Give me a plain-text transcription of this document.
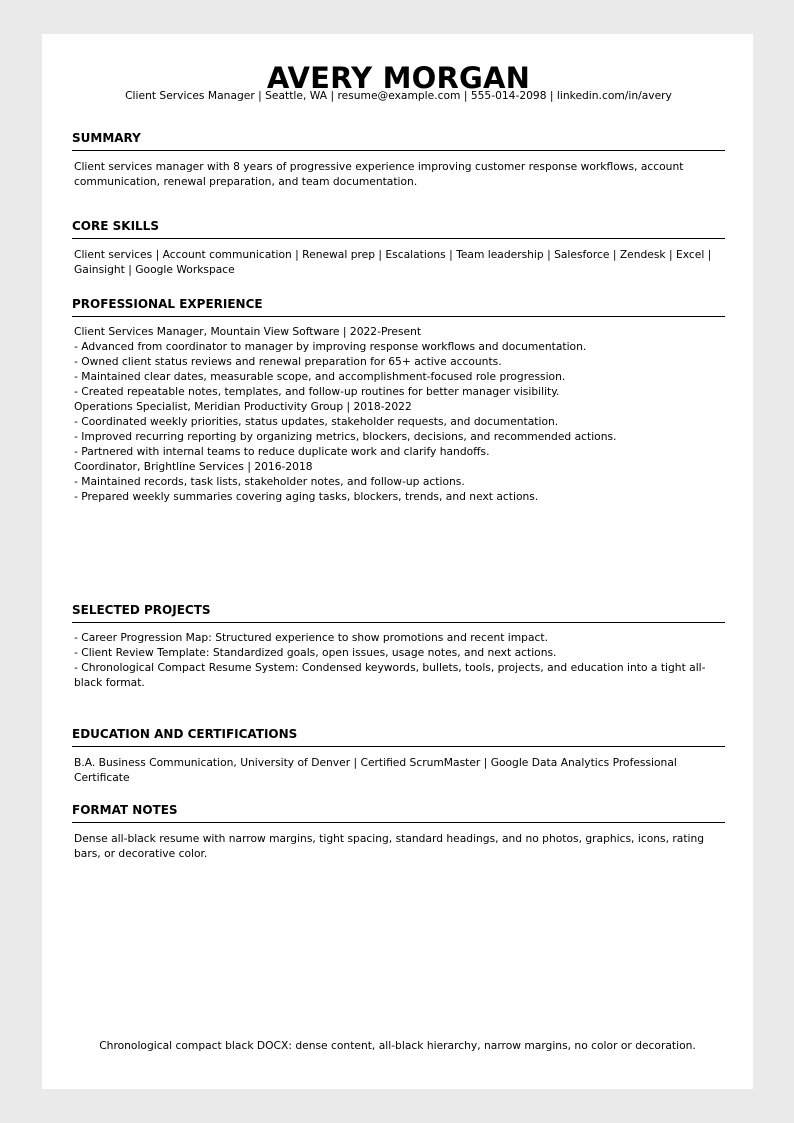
AVERY MORGAN
Client Services Manager | Seattle, WA | resume@example.com | 555-014-2098 | linkedin.com/in/avery
SUMMARY
Client services manager with 8 years of progressive experience improving customer response workflows, account communication, renewal preparation, and team documentation.
CORE SKILLS
Client services | Account communication | Renewal prep | Escalations | Team leadership | Salesforce | Zendesk | Excel | Gainsight | Google Workspace
PROFESSIONAL EXPERIENCE
Client Services Manager, Mountain View Software | 2022-Present
- Advanced from coordinator to manager by improving response workflows and documentation.
- Owned client status reviews and renewal preparation for 65+ active accounts.
- Maintained clear dates, measurable scope, and accomplishment-focused role progression.
- Created repeatable notes, templates, and follow-up routines for better manager visibility.
Operations Specialist, Meridian Productivity Group | 2018-2022
- Coordinated weekly priorities, status updates, stakeholder requests, and documentation.
- Improved recurring reporting by organizing metrics, blockers, decisions, and recommended actions.
- Partnered with internal teams to reduce duplicate work and clarify handoffs.
Coordinator, Brightline Services | 2016-2018
- Maintained records, task lists, stakeholder notes, and follow-up actions.
- Prepared weekly summaries covering aging tasks, blockers, trends, and next actions.
SELECTED PROJECTS
- Career Progression Map: Structured experience to show promotions and recent impact.
- Client Review Template: Standardized goals, open issues, usage notes, and next actions.
- Chronological Compact Resume System: Condensed keywords, bullets, tools, projects, and education into a tight all-black format.
EDUCATION AND CERTIFICATIONS
B.A. Business Communication, University of Denver | Certified ScrumMaster | Google Data Analytics Professional Certificate
FORMAT NOTES
Dense all-black resume with narrow margins, tight spacing, standard headings, and no photos, graphics, icons, rating bars, or decorative color.
Chronological compact black DOCX: dense content, all-black hierarchy, narrow margins, no color or decoration.
